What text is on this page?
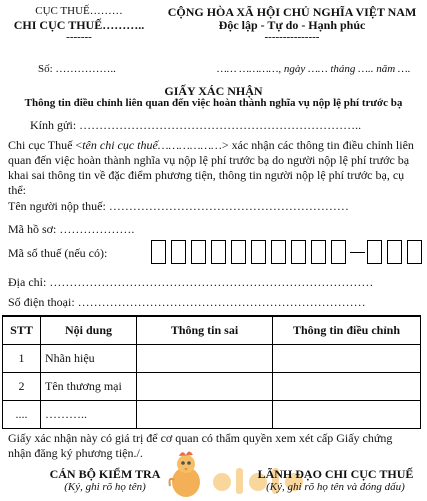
CỤC THUẾ………
CHI CỤC THUẾ………..
-------
CỘNG HÒA XÃ HỘI CHỦ NGHĨA VIỆT NAM
Độc lập - Tự do - Hạnh phúc
---------------
Số: ……………..	…… …………, ngày …… tháng ….. năm ….
GIẤY XÁC NHẬN
Thông tin điều chỉnh liên quan đến việc hoàn thành nghĩa vụ nộp lệ phí trước bạ
Kính gửi: ……………………………………………………………..
Chi cục Thuế <tên chi cục thuế………………> xác nhận các thông tin điều chỉnh liên quan đến việc hoàn thành nghĩa vụ nộp lệ phí trước bạ do người nộp lệ phí trước bạ khai sai thông tin về đặc điểm phương tiện, thông tin người nộp lệ phí trước bạ, cụ thể:
Tên người nộp thuế: ……………………………………………………
Mã hồ sơ: ……………….
Mã số thuế (nếu có):
Địa chỉ: ………………………………………………………………………
Số điện thoại: ………………………………………………………………
STT	Nội dung	Thông tin sai	Thông tin điều chỉnh
1	Nhãn hiệu		
2	Tên thương mại		
....	………..		
Giấy xác nhận này có giá trị để cơ quan có thẩm quyền xem xét cấp Giấy chứng nhận đăng ký phương tiện./.
CÁN BỘ KIỂM TRA
(Ký, ghi rõ họ tên)
LÃNH ĐẠO CHI CỤC THUẾ
(Ký, ghi rõ họ tên và đóng dấu)
